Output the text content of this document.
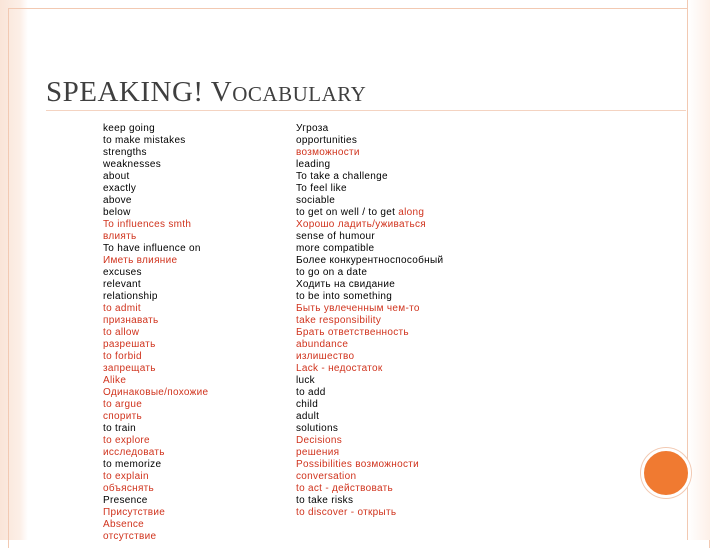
SPEAKING! VOCABULARY
keep going
to make mistakes
strengths
weaknesses
about
exactly
above
below
To influences smth
влиять
To have influence on
Иметь влияние
excuses
relevant
relationship
to admit
признавать
to allow
разрешать
to forbid
запрещать
Alike
Одинаковые/похожие
to argue
спорить
to train
to explore
исследовать
to memorize
to explain
объяснять
Presence
Присутствие
Absence
отсутствие
Угроза
opportunities
возможности
leading
To take a challenge
To feel like
sociable
to get on well / to get along
Хорошо ладить/уживаться
sense of humour
more compatible
Более конкурентноспособный
to go on a date
Ходить на свидание
to be into something
Быть увлеченным чем-то
take responsibility
Брать ответственность
abundance
излишество
Lack - недостаток
luck
to add
child
adult
solutions
Decisions
решения
Possibilities возможности
conversation
to act - действовать
to take risks
to discover - открыть
